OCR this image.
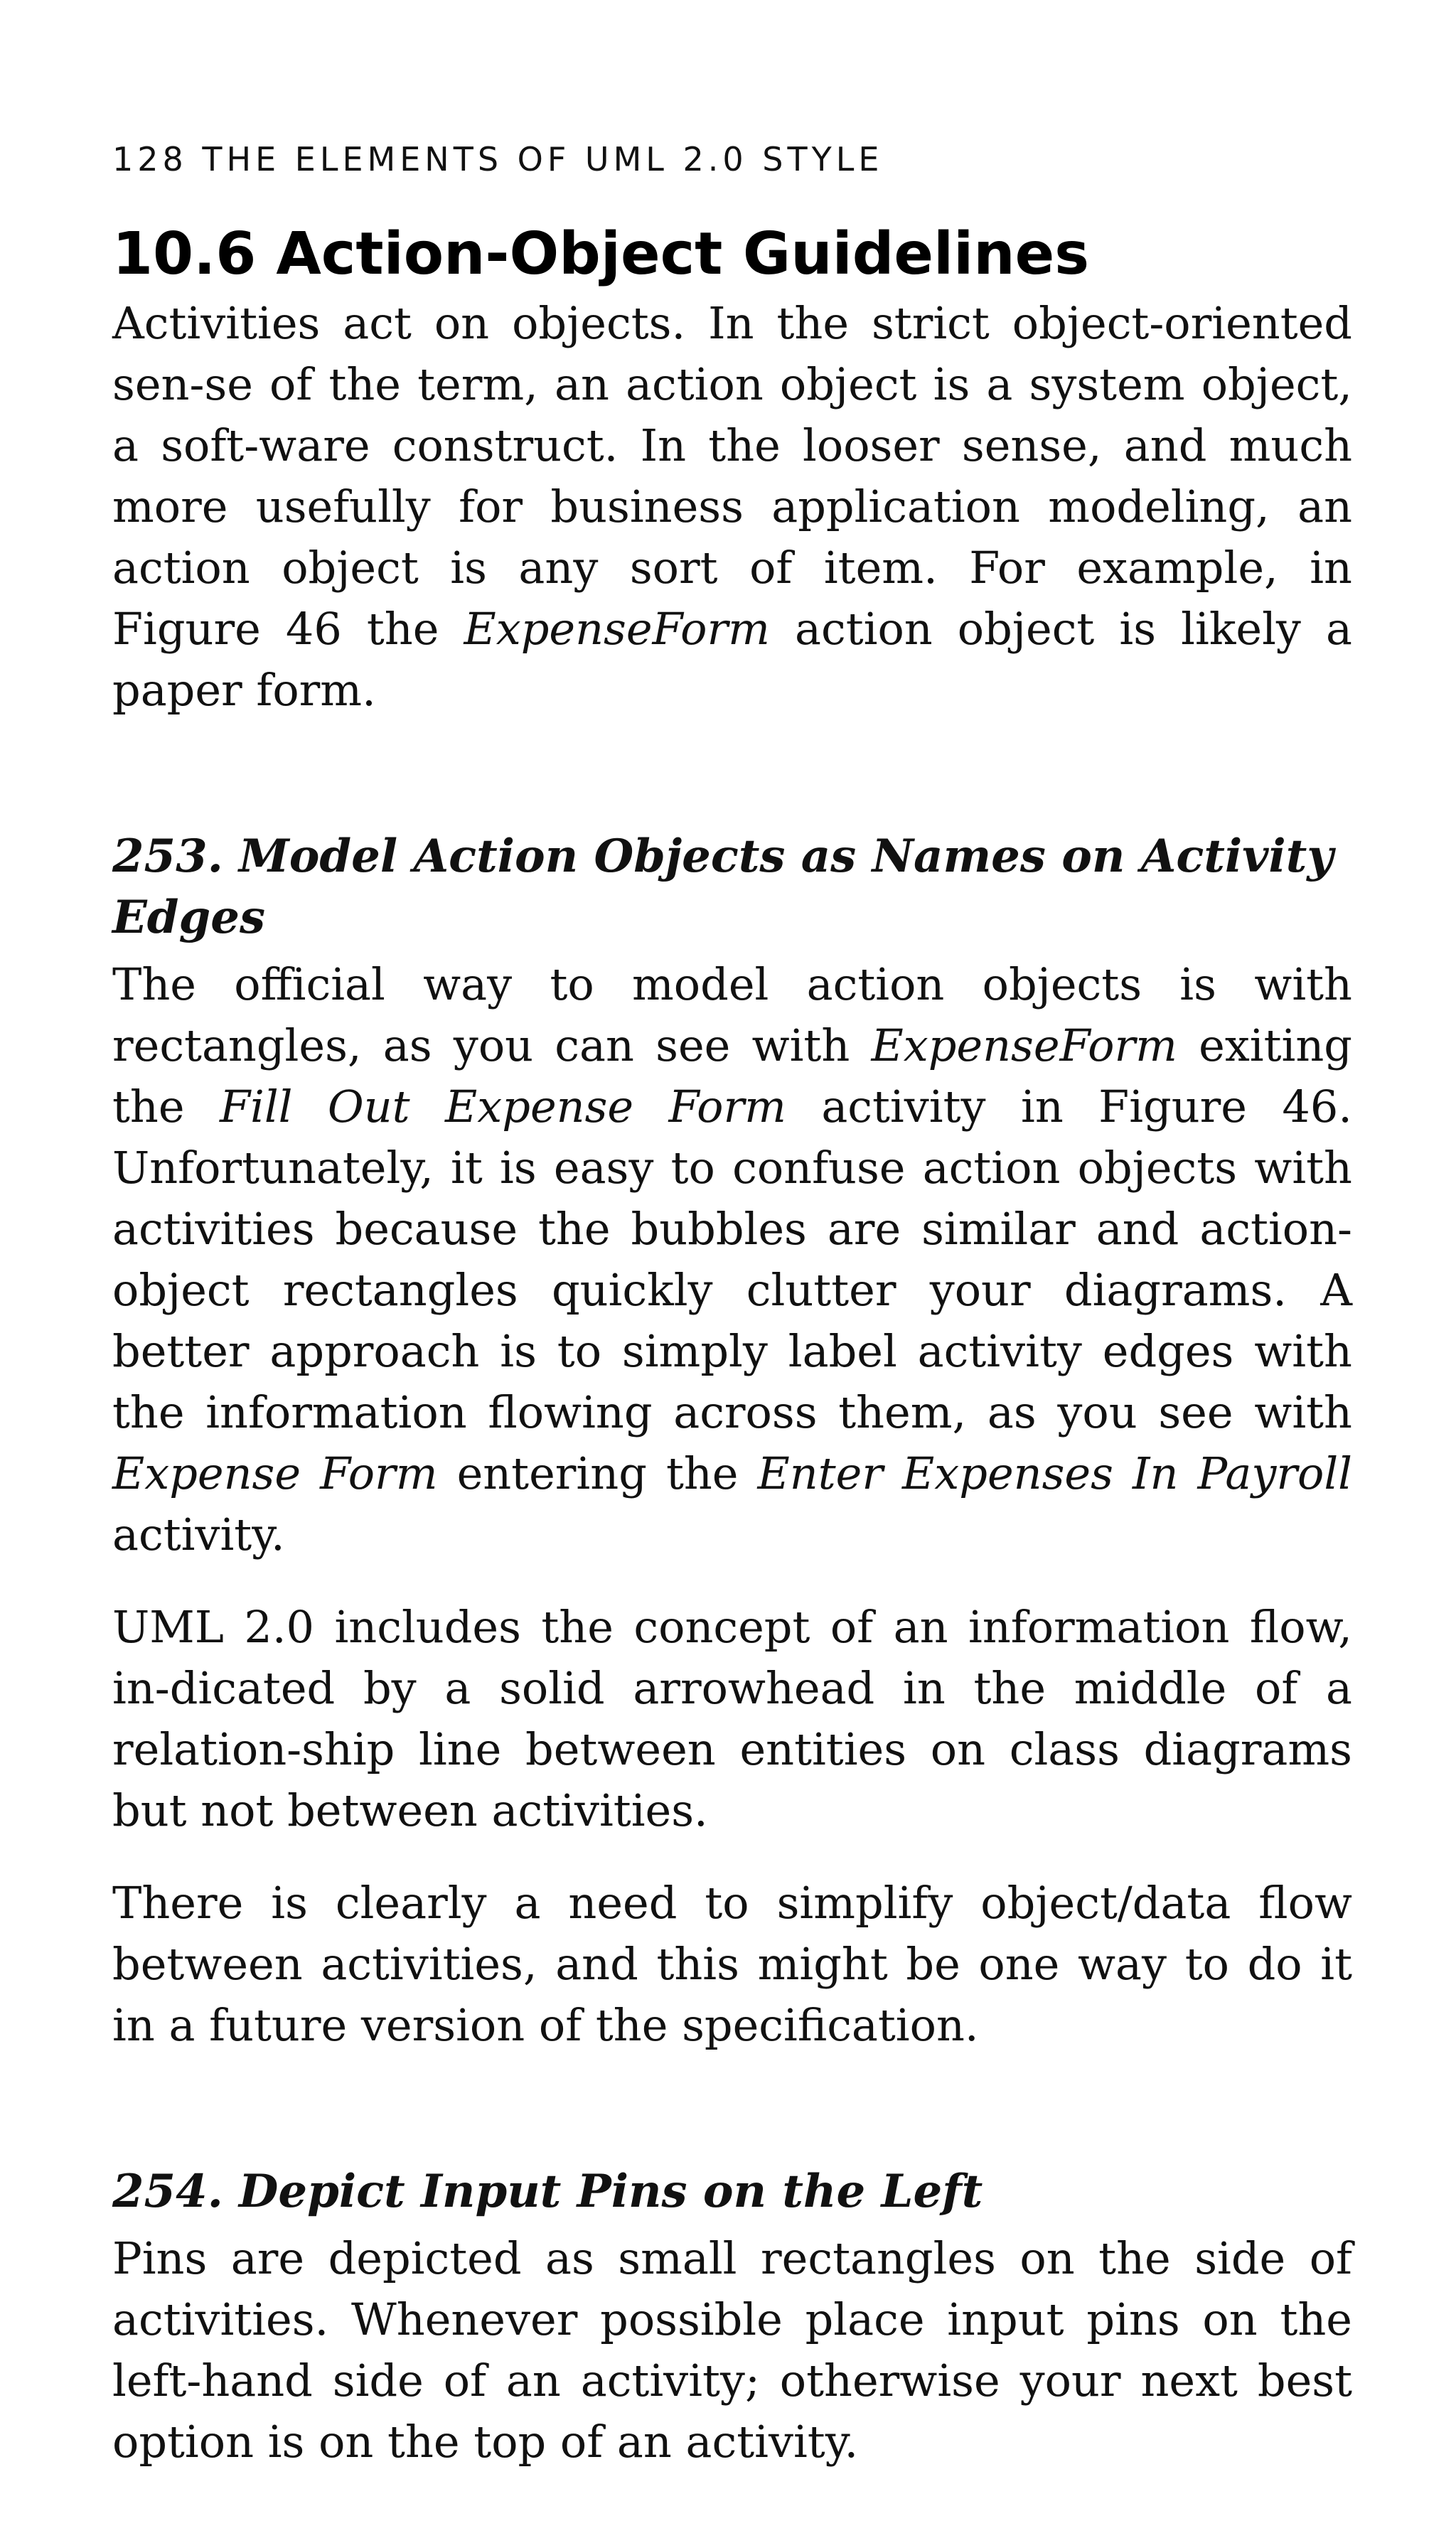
128 THE ELEMENTS OF UML 2.0 STYLE

10.6 Action-Object Guidelines

Activities act on objects. In the strict object-oriented sen-se of the term, an action object is a system object, a soft-ware construct. In the looser sense, and much more usefully for business application modeling, an action object is any sort of item. For example, in Figure 46 the ExpenseForm action object is likely a paper form.

253. Model Action Objects as Names on Activity Edges

The official way to model action objects is with rectangles, as you can see with ExpenseForm exiting the Fill Out Expense Form activity in Figure 46. Unfortunately, it is easy to confuse action objects with activities because the bubbles are similar and action-object rectangles quickly clutter your diagrams. A better approach is to simply label activity edges with the information flowing across them, as you see with Expense Form entering the Enter Expenses In Payroll activity.

UML 2.0 includes the concept of an information flow, in-dicated by a solid arrowhead in the middle of a relation-ship line between entities on class diagrams but not between activities.

There is clearly a need to simplify object/data flow between activities, and this might be one way to do it in a future version of the specification.

254. Depict Input Pins on the Left

Pins are depicted as small rectangles on the side of activities. Whenever possible place input pins on the left-hand side of an activity; otherwise your next best option is on the top of an activity.
